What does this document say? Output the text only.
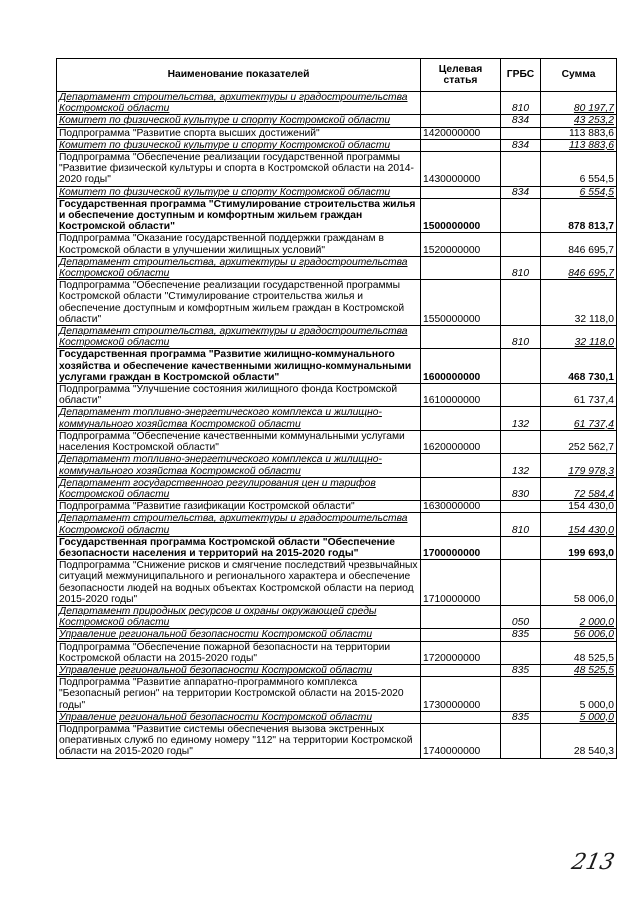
Наименование показателей	Целевая статья	ГРБС	Сумма
Департамент строительства, архитектуры и градостроительства Костромской области		810	80 197,7
Комитет по физической культуре и спорту Костромской области		834	43 253,2
Подпрограмма "Развитие спорта высших достижений"	1420000000		113 883,6
Комитет по физической культуре и спорту Костромской области		834	113 883,6
Подпрограмма "Обеспечение реализации государственной программы "Развитие физической культуры и спорта в Костромской области на 2014-2020 годы"	1430000000		6 554,5
Комитет по физической культуре и спорту Костромской области		834	6 554,5
Государственная программа "Стимулирование строительства жилья и обеспечение доступным и комфортным жильем граждан Костромской области"	1500000000		878 813,7
Подпрограмма "Оказание государственной поддержки гражданам в Костромской области в улучшении жилищных условий"	1520000000		846 695,7
Департамент строительства, архитектуры и градостроительства Костромской области		810	846 695,7
Подпрограмма "Обеспечение реализации государственной программы Костромской области "Стимулирование строительства жилья и обеспечение доступным и комфортным жильем граждан в Костромской области"	1550000000		32 118,0
Департамент строительства, архитектуры и градостроительства Костромской области		810	32 118,0
Государственная программа "Развитие жилищно-коммунального хозяйства и обеспечение качественными жилищно-коммунальными услугами граждан в Костромской области"	1600000000		468 730,1
Подпрограмма "Улучшение состояния жилищного фонда Костромской области"	1610000000		61 737,4
Департамент топливно-энергетического комплекса и жилищно-коммунального хозяйства Костромской области		132	61 737,4
Подпрограмма "Обеспечение качественными коммунальными услугами населения Костромской области"	1620000000		252 562,7
Департамент топливно-энергетического комплекса и жилищно-коммунального хозяйства Костромской области		132	179 978,3
Департамент государственного регулирования цен и тарифов Костромской области		830	72 584,4
Подпрограмма "Развитие газификации Костромской области"	1630000000		154 430,0
Департамент строительства, архитектуры и градостроительства Костромской области		810	154 430,0
Государственная программа Костромской области "Обеспечение безопасности населения и территорий на 2015-2020 годы"	1700000000		199 693,0
Подпрограмма "Снижение рисков и смягчение последствий чрезвычайных ситуаций межмуниципального и регионального характера и обеспечение безопасности людей на водных объектах Костромской области на период 2015-2020 годы"	1710000000		58 006,0
Департамент природных ресурсов и охраны окружающей среды Костромской области		050	2 000,0
Управление региональной безопасности Костромской области		835	56 006,0
Подпрограмма "Обеспечение пожарной безопасности на территории Костромской области на 2015-2020 годы"	1720000000		48 525,5
Управление региональной безопасности Костромской области		835	48 525,5
Подпрограмма "Развитие аппаратно-программного комплекса "Безопасный регион" на территории Костромской области на 2015-2020 годы"	1730000000		5 000,0
Управление региональной безопасности Костромской области		835	5 000,0
Подпрограмма "Развитие системы обеспечения вызова экстренных оперативных служб по единому номеру "112" на территории Костромской области на 2015-2020 годы"	1740000000		28 540,3
213
